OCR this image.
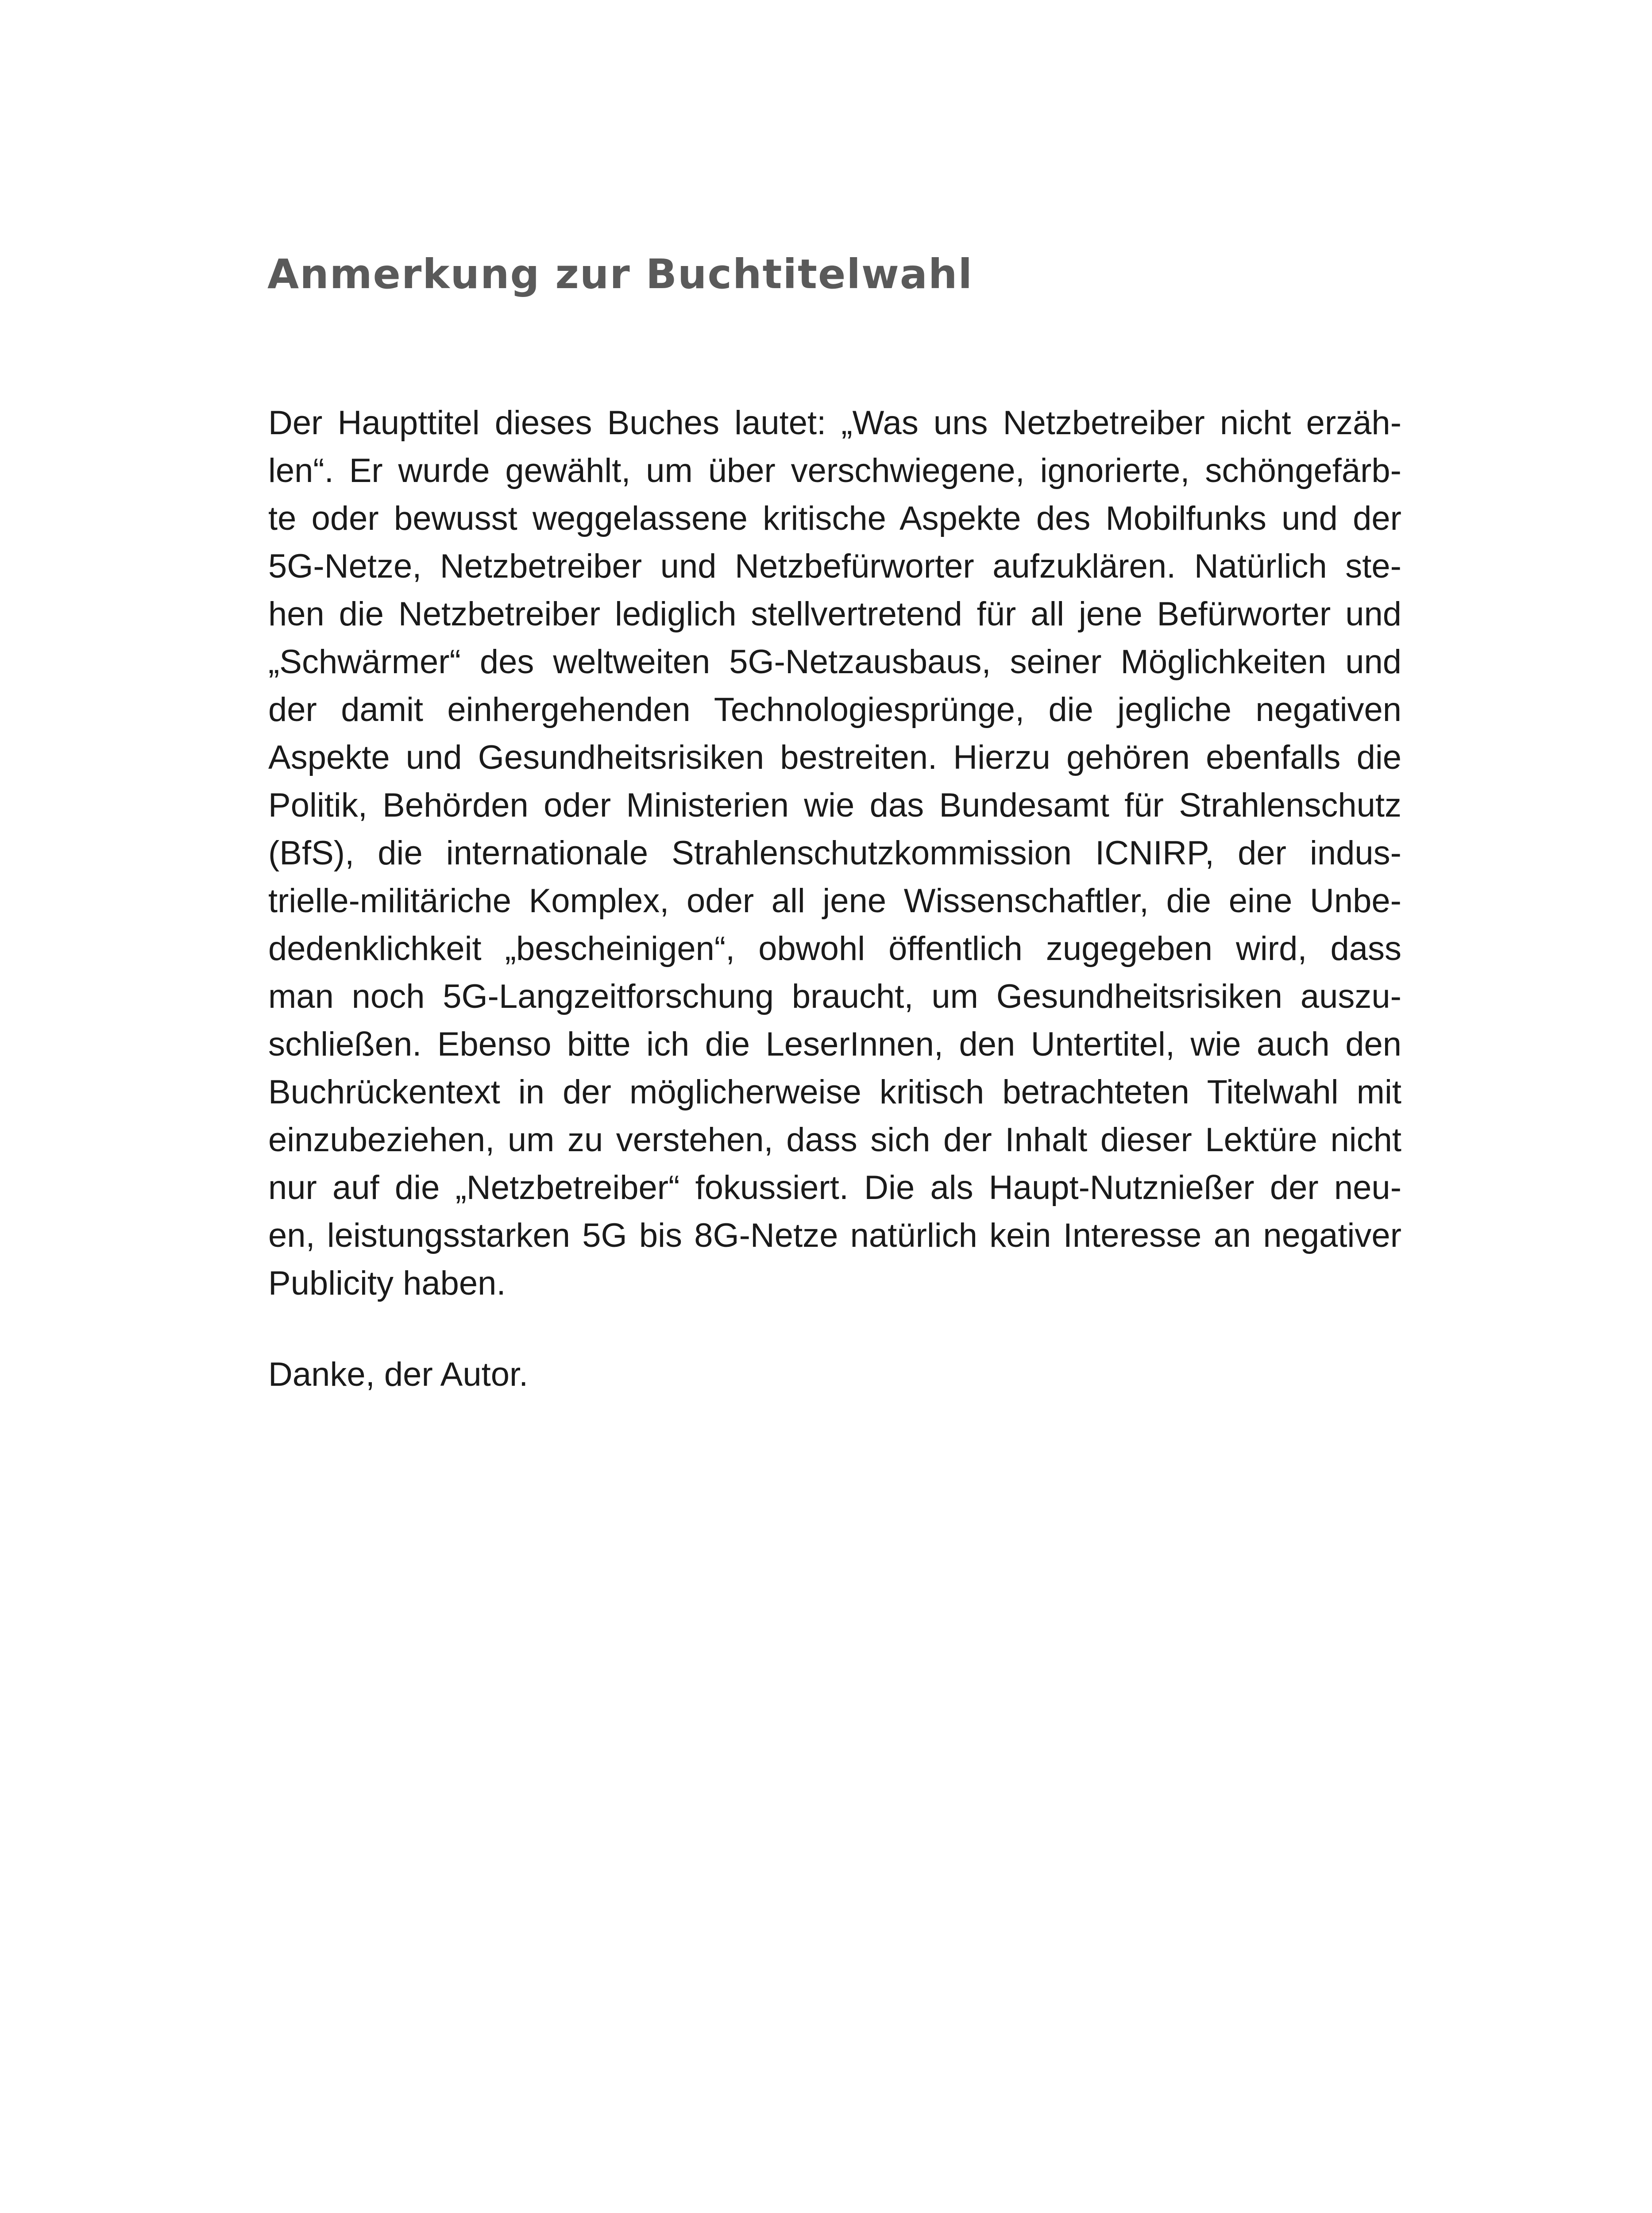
Anmerkung zur Buchtitelwahl
Der Haupttitel dieses Buches lautet: „Was uns Netzbetreiber nicht erzäh-
len“. Er wurde gewählt, um über verschwiegene, ignorierte, schöngefärb-
te oder bewusst weggelassene kritische Aspekte des Mobilfunks und der
5G-Netze, Netzbetreiber und Netzbefürworter aufzuklären. Natürlich ste-
hen die Netzbetreiber lediglich stellvertretend für all jene Befürworter und
„Schwärmer“ des weltweiten 5G-Netzausbaus, seiner Möglichkeiten und
der damit einhergehenden Technologiesprünge, die jegliche negativen
Aspekte und Gesundheitsrisiken bestreiten. Hierzu gehören ebenfalls die
Politik, Behörden oder Ministerien wie das Bundesamt für Strahlenschutz
(BfS), die internationale Strahlenschutzkommission ICNIRP, der indus-
trielle-militäriche Komplex, oder all jene Wissenschaftler, die eine Unbe-
dedenklichkeit „bescheinigen“, obwohl öffentlich zugegeben wird, dass
man noch 5G-Langzeitforschung braucht, um Gesundheitsrisiken auszu-
schließen. Ebenso bitte ich die LeserInnen, den Untertitel, wie auch den
Buchrückentext in der möglicherweise kritisch betrachteten Titelwahl mit
einzubeziehen, um zu verstehen, dass sich der Inhalt dieser Lektüre nicht
nur auf die „Netzbetreiber“ fokussiert. Die als Haupt-Nutznießer der neu-
en, leistungsstarken 5G bis 8G-Netze natürlich kein Interesse an negativer
Publicity haben.
Danke, der Autor.
